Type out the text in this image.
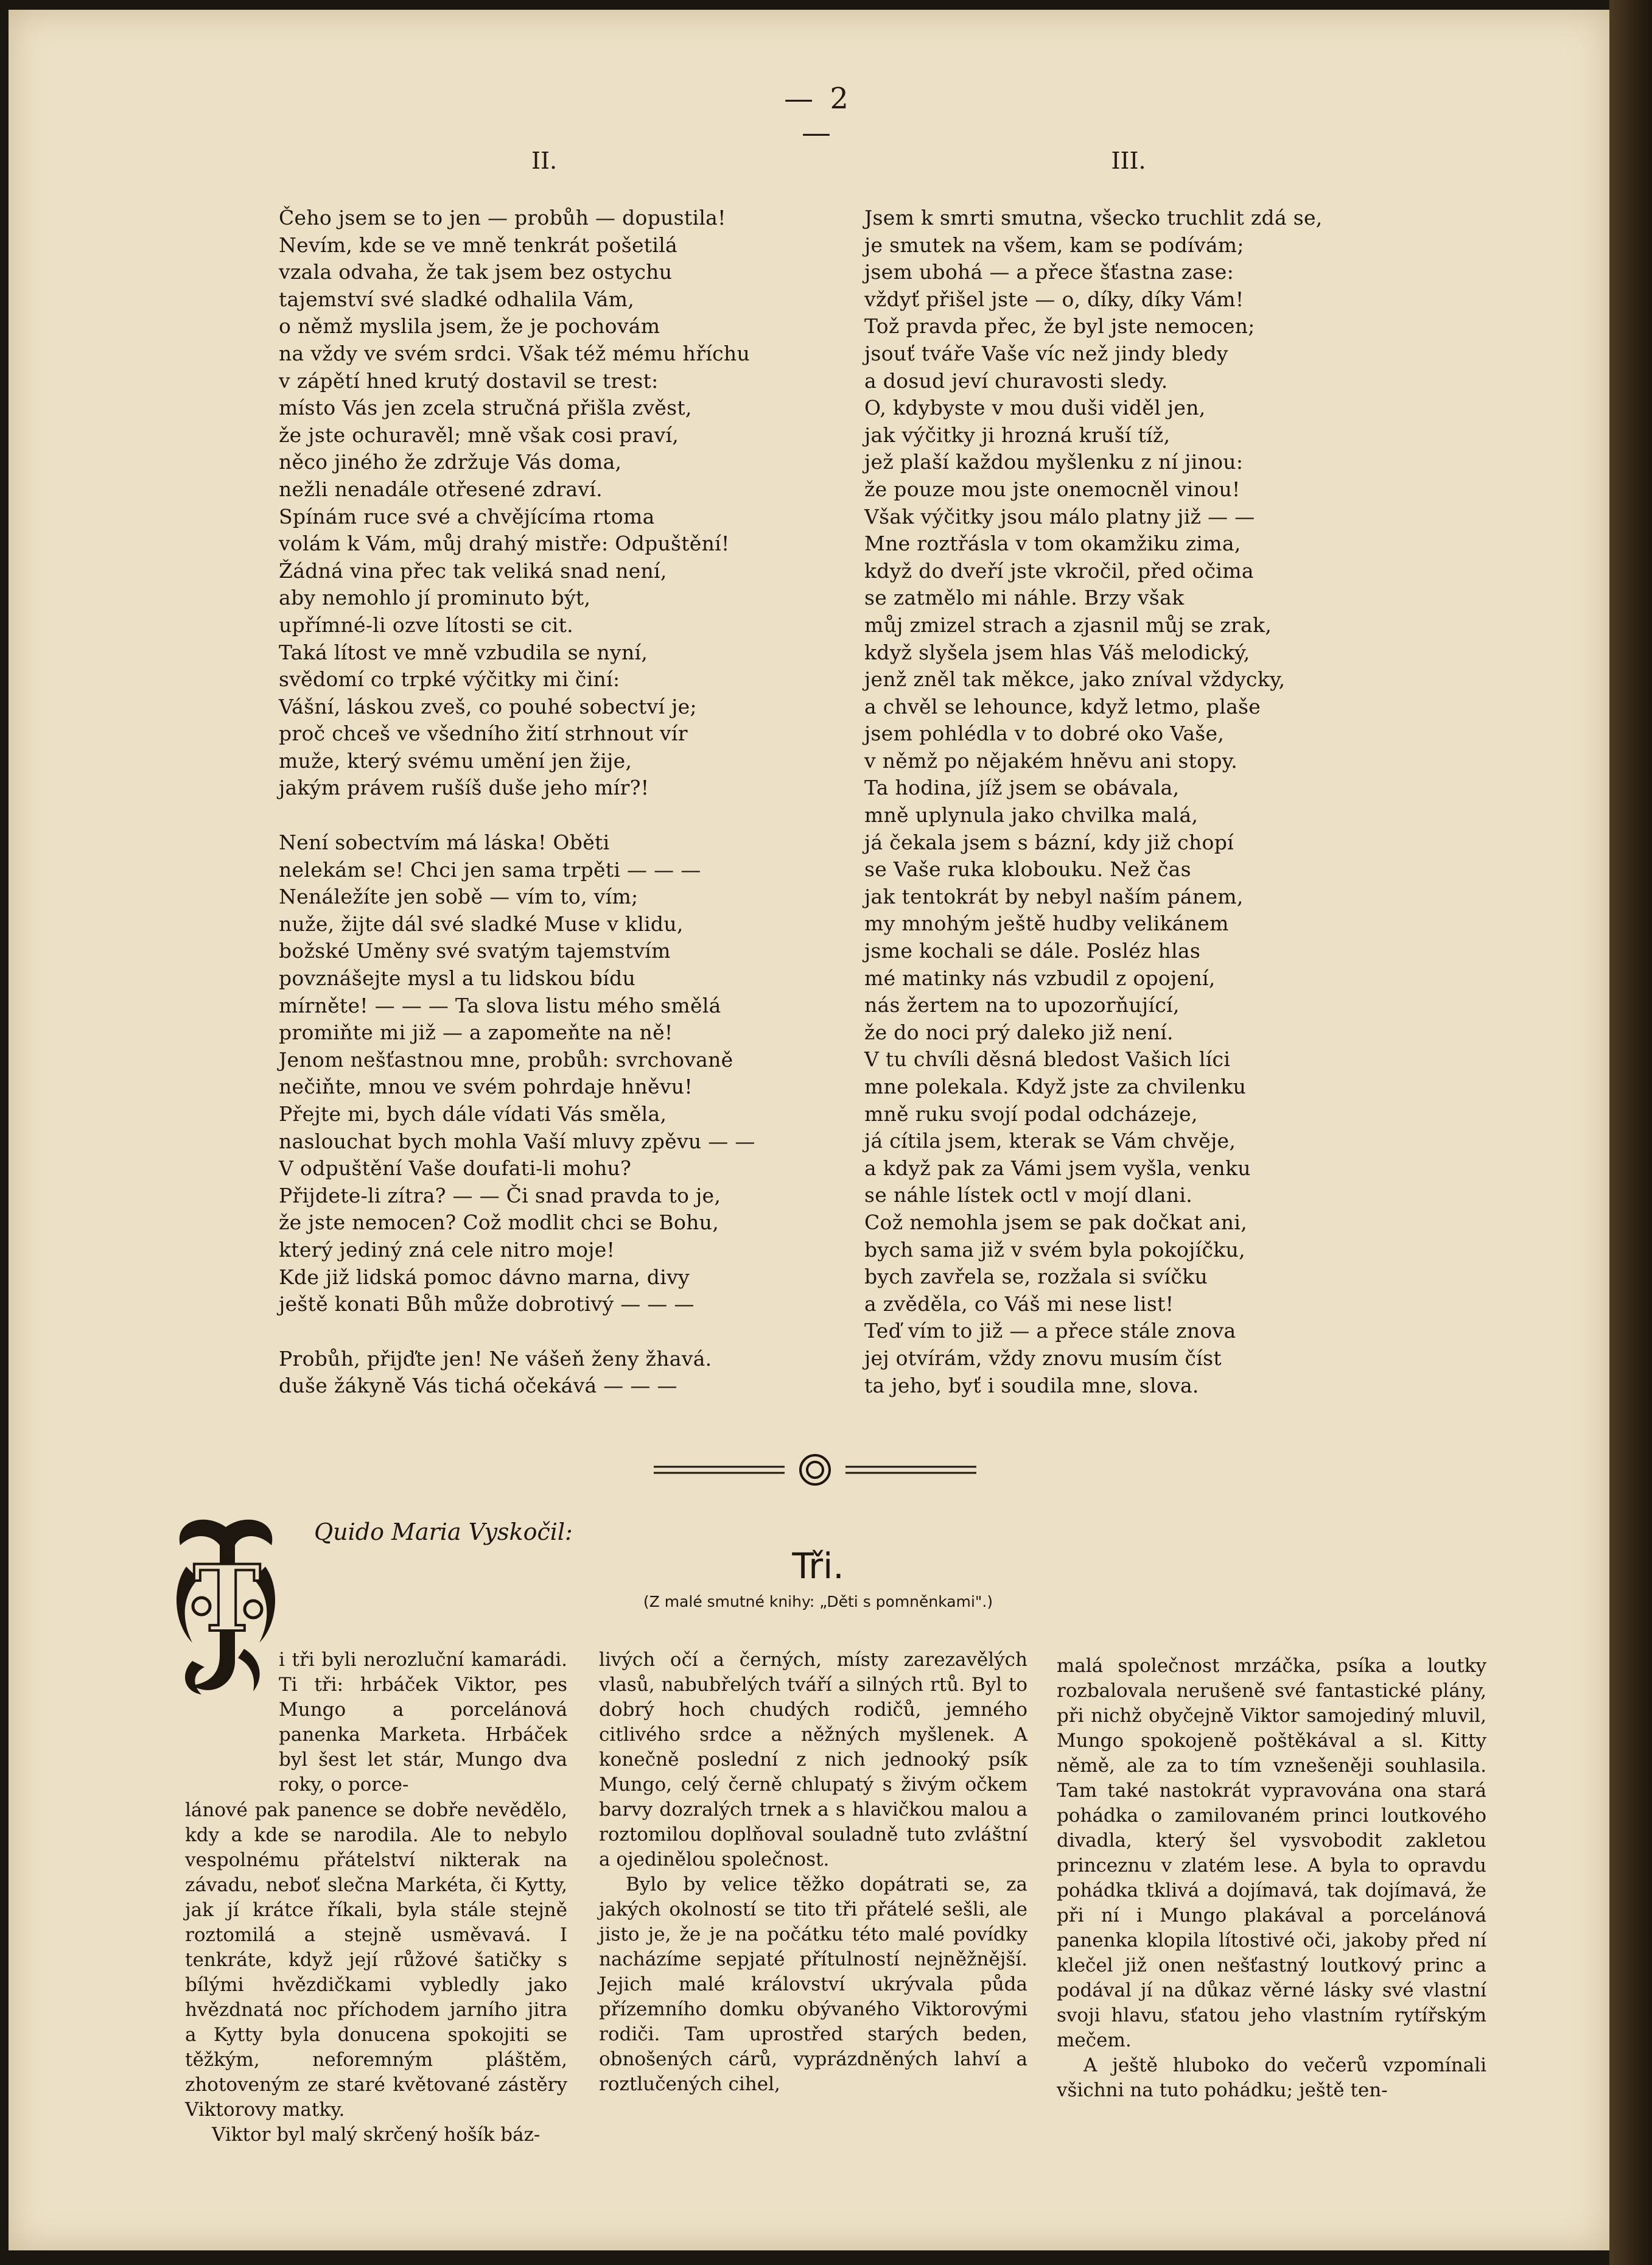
— 2 —
II.	III.
Čeho jsem se to jen — probůh — dopustila!
Nevím, kde se ve mně tenkrát pošetilá
vzala odvaha, že tak jsem bez ostychu
tajemství své sladké odhalila Vám,
o němž myslila jsem, že je pochovám
na vždy ve svém srdci. Však též mému hříchu
v zápětí hned krutý dostavil se trest:
místo Vás jen zcela stručná přišla zvěst,
že jste ochuravěl; mně však cosi praví,
něco jiného že zdržuje Vás doma,
nežli nenadále otřesené zdraví.
Spínám ruce své a chvějícíma rtoma
volám k Vám, můj drahý mistře: Odpuštění!
Žádná vina přec tak veliká snad není,
aby nemohlo jí prominuto být,
upřímné-li ozve lítosti se cit.
Taká lítost ve mně vzbudila se nyní,
svědomí co trpké výčitky mi činí:
Vášní, láskou zveš, co pouhé sobectví je;
proč chceš ve všedního žití strhnout vír
muže, který svému umění jen žije,
jakým právem rušíš duše jeho mír?!
Není sobectvím má láska! Oběti
nelekám se! Chci jen sama trpěti — — —
Nenáležíte jen sobě — vím to, vím;
nuže, žijte dál své sladké Muse v klidu,
božské Uměny své svatým tajemstvím
povznášejte mysl a tu lidskou bídu
mírněte! — — — Ta slova listu mého smělá
promiňte mi již — a zapomeňte na ně!
Jenom nešťastnou mne, probůh: svrchovaně
nečiňte, mnou ve svém pohrdaje hněvu!
Přejte mi, bych dále vídati Vás směla,
naslouchat bych mohla Vaší mluvy zpěvu — —
V odpuštění Vaše doufati-li mohu?
Přijdete-li zítra? — — Či snad pravda to je,
že jste nemocen? Což modlit chci se Bohu,
který jediný zná cele nitro moje!
Kde již lidská pomoc dávno marna, divy
ještě konati Bůh může dobrotivý — — —
Probůh, přijďte jen! Ne vášeň ženy žhavá.
duše žákyně Vás tichá očekává — — —
Jsem k smrti smutna, všecko truchlit zdá se,
je smutek na všem, kam se podívám;
jsem ubohá — a přece šťastna zase:
vždyť přišel jste — o, díky, díky Vám!
Tož pravda přec, že byl jste nemocen;
jsouť tváře Vaše víc než jindy bledy
a dosud jeví churavosti sledy.
O, kdybyste v mou duši viděl jen,
jak výčitky ji hrozná kruší tíž,
jež plaší každou myšlenku z ní jinou:
že pouze mou jste onemocněl vinou!
Však výčitky jsou málo platny již — —
Mne roztřásla v tom okamžiku zima,
když do dveří jste vkročil, před očima
se zatmělo mi náhle. Brzy však
můj zmizel strach a zjasnil můj se zrak,
když slyšela jsem hlas Váš melodický,
jenž zněl tak měkce, jako zníval vždycky,
a chvěl se lehounce, když letmo, plaše
jsem pohlédla v to dobré oko Vaše,
v němž po nějakém hněvu ani stopy.
Ta hodina, jíž jsem se obávala,
mně uplynula jako chvilka malá,
já čekala jsem s bázní, kdy již chopí
se Vaše ruka klobouku. Než čas
jak tentokrát by nebyl naším pánem,
my mnohým ještě hudby velikánem
jsme kochali se dále. Posléz hlas
mé matinky nás vzbudil z opojení,
nás žertem na to upozorňující,
že do noci prý daleko již není.
V tu chvíli děsná bledost Vašich líci
mne polekala. Když jste za chvilenku
mně ruku svojí podal odcházeje,
já cítila jsem, kterak se Vám chvěje,
a když pak za Vámi jsem vyšla, venku
se náhle lístek octl v mojí dlani.
Což nemohla jsem se pak dočkat ani,
bych sama již v svém byla pokojíčku,
bych zavřela se, rozžala si svíčku
a zvěděla, co Váš mi nese list!
Teď vím to již — a přece stále znova
jej otvírám, vždy znovu musím číst
ta jeho, byť i soudila mne, slova.
Quido Maria Vyskočil:
Tři.
(Z malé smutné knihy: „Děti s pomněnkami".)
T

i tři byli nerozluční kamarádi. Ti tři: hrbáček Viktor, pes Mungo a porcelánová panenka Marketa. Hrbáček byl šest let stár, Mungo dva roky, o porce-

lánové pak panence se dobře nevědělo, kdy a kde se narodila. Ale to nebylo vespolnému přátelství nikterak na závadu, neboť slečna Markéta, či Kytty, jak jí krátce říkali, byla stále stejně roztomilá a stejně usměvavá. I tenkráte, když její růžové šatičky s bílými hvězdičkami vybledly jako hvězdnatá noc příchodem jarního jitra a Kytty byla donucena spokojiti se těžkým, neforemným pláštěm, zhotoveným ze staré květované zástěry Viktorovy matky.

Viktor byl malý skrčený hošík báz-

livých očí a černých, místy zarezavělých vlasů, nabubřelých tváří a silných rtů. Byl to dobrý hoch chudých rodičů, jemného citlivého srdce a něžných myšlenek. A konečně poslední z nich jednooký psík Mungo, celý černě chlupatý s živým očkem barvy dozralých trnek a s hlavičkou malou a roztomilou doplňoval souladně tuto zvláštní a ojedinělou společnost.

Bylo by velice těžko dopátrati se, za jakých okolností se tito tři přátelé sešli, ale jisto je, že je na počátku této malé povídky nacházíme sepjaté přítulností nejněžnější. Jejich malé království ukrývala půda přízemního domku obývaného Viktorovými rodiči. Tam uprostřed starých beden, obnošených cárů, vyprázdněných lahví a roztlučených cihel,

malá společnost mrzáčka, psíka a loutky rozbalovala nerušeně své fantastické plány, při nichž obyčejně Viktor samojediný mluvil, Mungo spokojeně poštěkával a sl. Kitty němě, ale za to tím vznešeněji souhlasila. Tam také nastokrát vypravována ona stará pohádka o zamilovaném princi loutkového divadla, který šel vysvobodit zakletou princeznu v zlatém lese. A byla to opravdu pohádka tklivá a dojímavá, tak dojímavá, že při ní i Mungo plakával a porcelánová panenka klopila lítostivé oči, jakoby před ní klečel již onen nešťastný loutkový princ a podával jí na důkaz věrné lásky své vlastní svoji hlavu, sťatou jeho vlastním rytířským mečem.

A ještě hluboko do večerů vzpomínali všichni na tuto pohádku; ještě ten-
